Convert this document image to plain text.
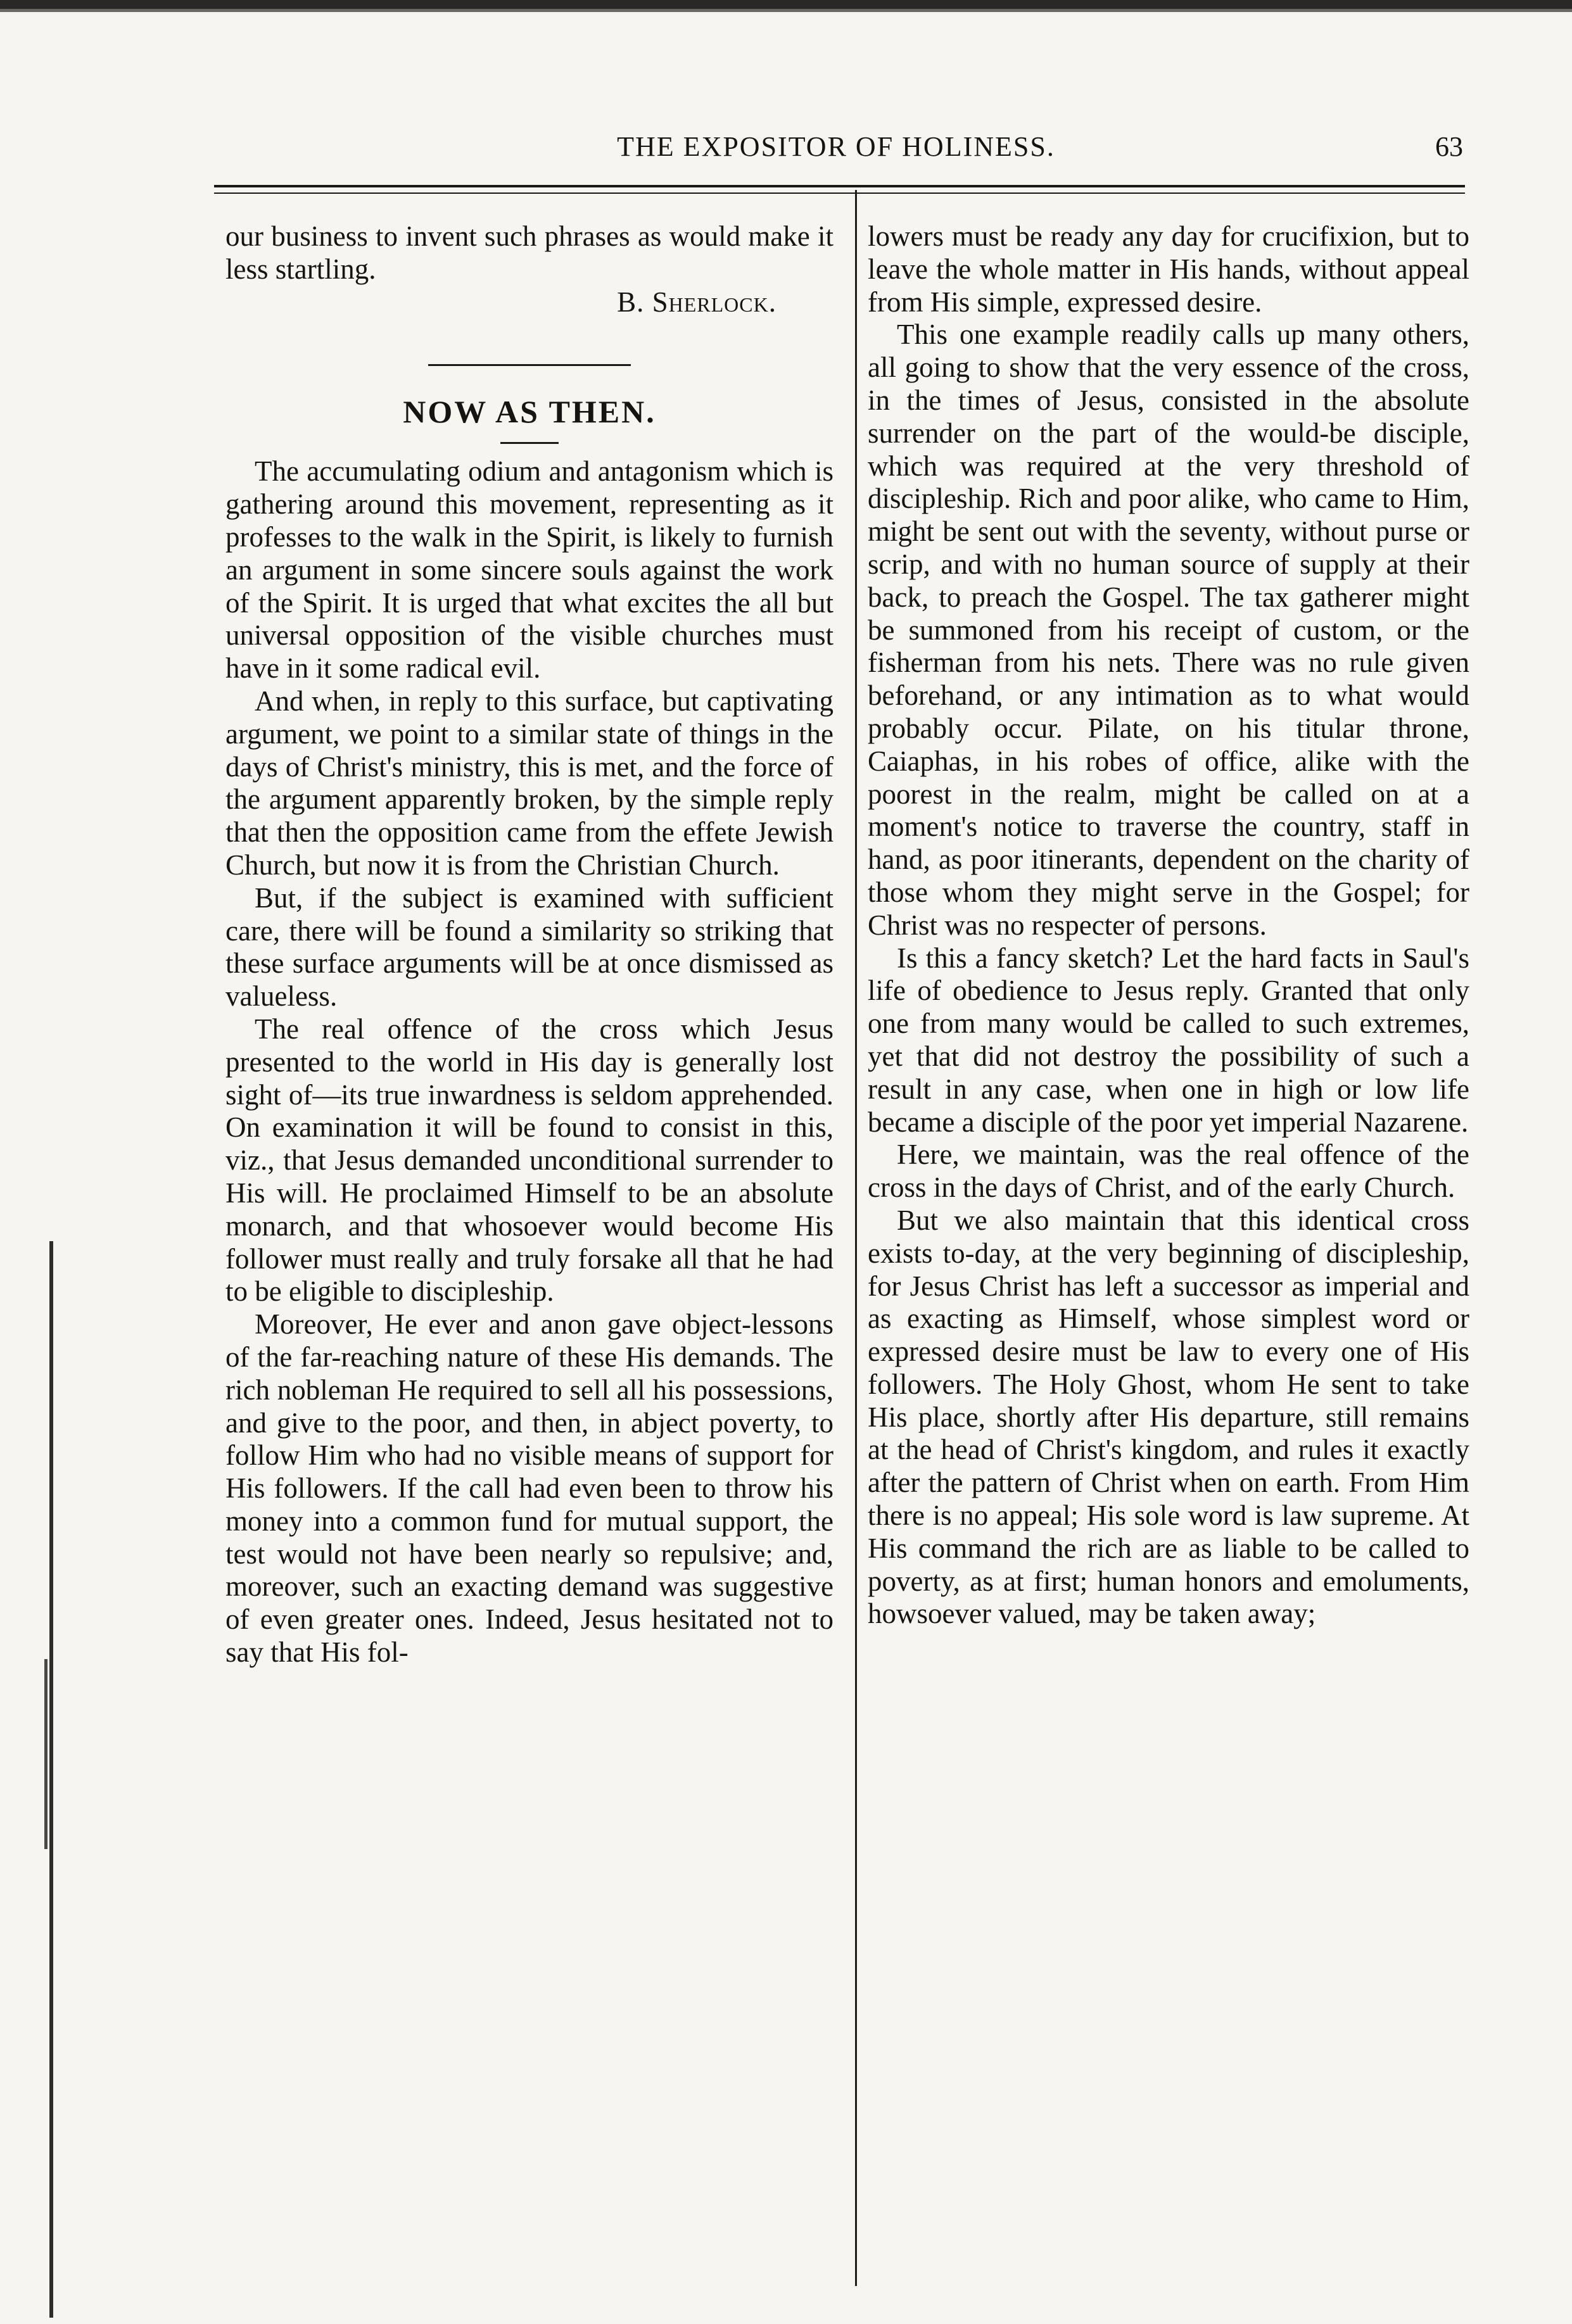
THE EXPOSITOR OF HOLINESS.	63

our business to invent such phrases as would make it less startling.

B. Sherlock.
NOW AS THEN.

The accumulating odium and antagonism which is gathering around this movement, representing as it professes to the walk in the Spirit, is likely to furnish an argument in some sincere souls against the work of the Spirit. It is urged that what excites the all but universal opposition of the visible churches must have in it some radical evil.

And when, in reply to this surface, but captivating argument, we point to a similar state of things in the days of Christ's ministry, this is met, and the force of the argument apparently broken, by the simple reply that then the opposition came from the effete Jewish Church, but now it is from the Christian Church.

But, if the subject is examined with sufficient care, there will be found a similarity so striking that these surface arguments will be at once dismissed as valueless.

The real offence of the cross which Jesus presented to the world in His day is generally lost sight of—its true inwardness is seldom apprehended. On examination it will be found to consist in this, viz., that Jesus demanded unconditional surrender to His will. He proclaimed Himself to be an absolute monarch, and that whosoever would become His follower must really and truly forsake all that he had to be eligible to discipleship.

Moreover, He ever and anon gave object-lessons of the far-reaching nature of these His demands. The rich nobleman He required to sell all his possessions, and give to the poor, and then, in abject poverty, to follow Him who had no visible means of support for His followers. If the call had even been to throw his money into a common fund for mutual support, the test would not have been nearly so repulsive; and, moreover, such an exacting demand was suggestive of even greater ones. Indeed, Jesus hesitated not to say that His fol-

lowers must be ready any day for crucifixion, but to leave the whole matter in His hands, without appeal from His simple, expressed desire.

This one example readily calls up many others, all going to show that the very essence of the cross, in the times of Jesus, consisted in the absolute surrender on the part of the would-be disciple, which was required at the very threshold of discipleship. Rich and poor alike, who came to Him, might be sent out with the seventy, without purse or scrip, and with no human source of supply at their back, to preach the Gospel. The tax gatherer might be summoned from his receipt of custom, or the fisherman from his nets. There was no rule given beforehand, or any intimation as to what would probably occur. Pilate, on his titular throne, Caiaphas, in his robes of office, alike with the poorest in the realm, might be called on at a moment's notice to traverse the country, staff in hand, as poor itinerants, dependent on the charity of those whom they might serve in the Gospel; for Christ was no respecter of persons.

Is this a fancy sketch? Let the hard facts in Saul's life of obedience to Jesus reply. Granted that only one from many would be called to such extremes, yet that did not destroy the possibility of such a result in any case, when one in high or low life became a disciple of the poor yet imperial Nazarene.

Here, we maintain, was the real offence of the cross in the days of Christ, and of the early Church.

But we also maintain that this identical cross exists to-day, at the very beginning of discipleship, for Jesus Christ has left a successor as imperial and as exacting as Himself, whose simplest word or expressed desire must be law to every one of His followers. The Holy Ghost, whom He sent to take His place, shortly after His departure, still remains at the head of Christ's kingdom, and rules it exactly after the pattern of Christ when on earth. From Him there is no appeal; His sole word is law supreme. At His command the rich are as liable to be called to poverty, as at first; human honors and emoluments, howsoever valued, may be taken away;
